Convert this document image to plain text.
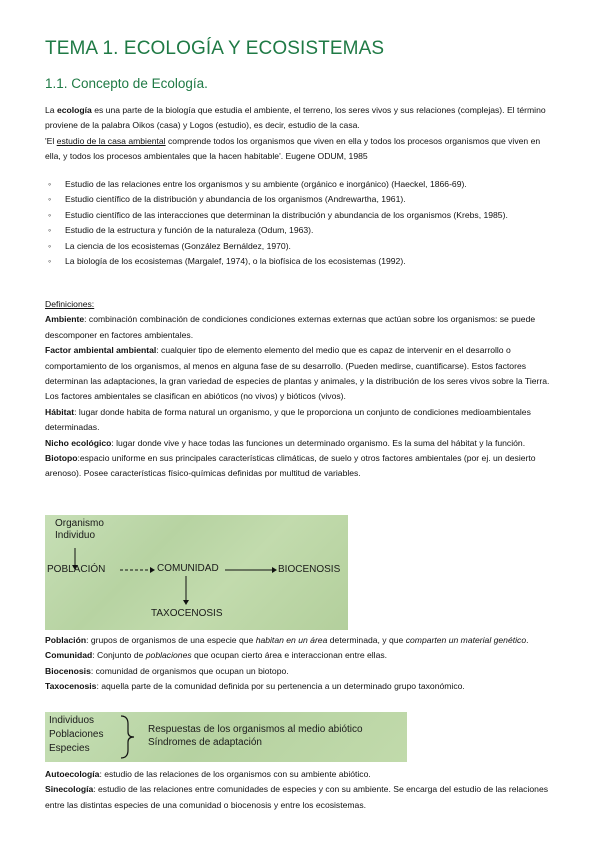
TEMA 1. ECOLOGÍA Y ECOSISTEMAS
1.1. Concepto de Ecología.
La ecología es una parte de la biología que estudia el ambiente, el terreno, los seres vivos y sus relaciones (complejas). El término proviene de la palabra Oikos (casa) y Logos (estudio), es decir, estudio de la casa.
'El estudio de la casa ambiental comprende todos los organismos que viven en ella y todos los procesos organismos que viven en ella, y todos los procesos ambientales que la hacen habitable'. Eugene ODUM, 1985
◦ Estudio de las relaciones entre los organismos y su ambiente (orgánico e inorgánico) (Haeckel, 1866-69).
◦ Estudio científico de la distribución y abundancia de los organismos (Andrewartha, 1961).
◦ Estudio científico de las interacciones que determinan la distribución y abundancia de los organismos (Krebs, 1985).
◦ Estudio de la estructura y función de la naturaleza (Odum, 1963).
◦ La ciencia de los ecosistemas (González Bernáldez, 1970).
◦ La biología de los ecosistemas (Margalef, 1974), o la biofísica de los ecosistemas (1992).

Definiciones:

Ambiente: combinación combinación de condiciones condiciones externas externas que actúan sobre los organismos: se puede descomponer en factores ambientales.

Factor ambiental ambiental: cualquier tipo de elemento elemento del medio que es capaz de intervenir en el desarrollo o comportamiento de los organismos, al menos en alguna fase de su desarrollo. (Pueden medirse, cuantificarse). Estos factores determinan las adaptaciones, la gran variedad de especies de plantas y animales, y la distribución de los seres vivos sobre la Tierra. Los factores ambientales se clasifican en abióticos (no vivos) y bióticos (vivos).

Hábitat: lugar donde habita de forma natural un organismo, y que le proporciona un conjunto de condiciones medioambientales determinadas.

Nicho ecológico: lugar donde vive y hace todas las funciones un determinado organismo. Es la suma del hábitat y la función.

Biotopo:espacio uniforme en sus principales características climáticas, de suelo y otros factores ambientales (por ej. un desierto arenoso). Posee características físico-químicas definidas por multitud de variables.

Organismo
Individuo
POBLACIÓN	COMUNIDAD	BIOCENOSIS
TAXOCENOSIS

Población: grupos de organismos de una especie que habitan en un área determinada, y que comparten un material genético.

Comunidad: Conjunto de poblaciones que ocupan cierto área e interaccionan entre ellas.

Biocenosis: comunidad de organismos que ocupan un biotopo.

Taxocenosis: aquella parte de la comunidad definida por su pertenencia a un determinado grupo taxonómico.

Individuos
Poblaciones
Especies
Respuestas de los organismos al medio abiótico
Síndromes de adaptación

Autoecología: estudio de las relaciones de los organismos con su ambiente abiótico.

Sinecología: estudio de las relaciones entre comunidades de especies y con su ambiente. Se encarga del estudio de las relaciones entre las distintas especies de una comunidad o biocenosis y entre los ecosistemas.
